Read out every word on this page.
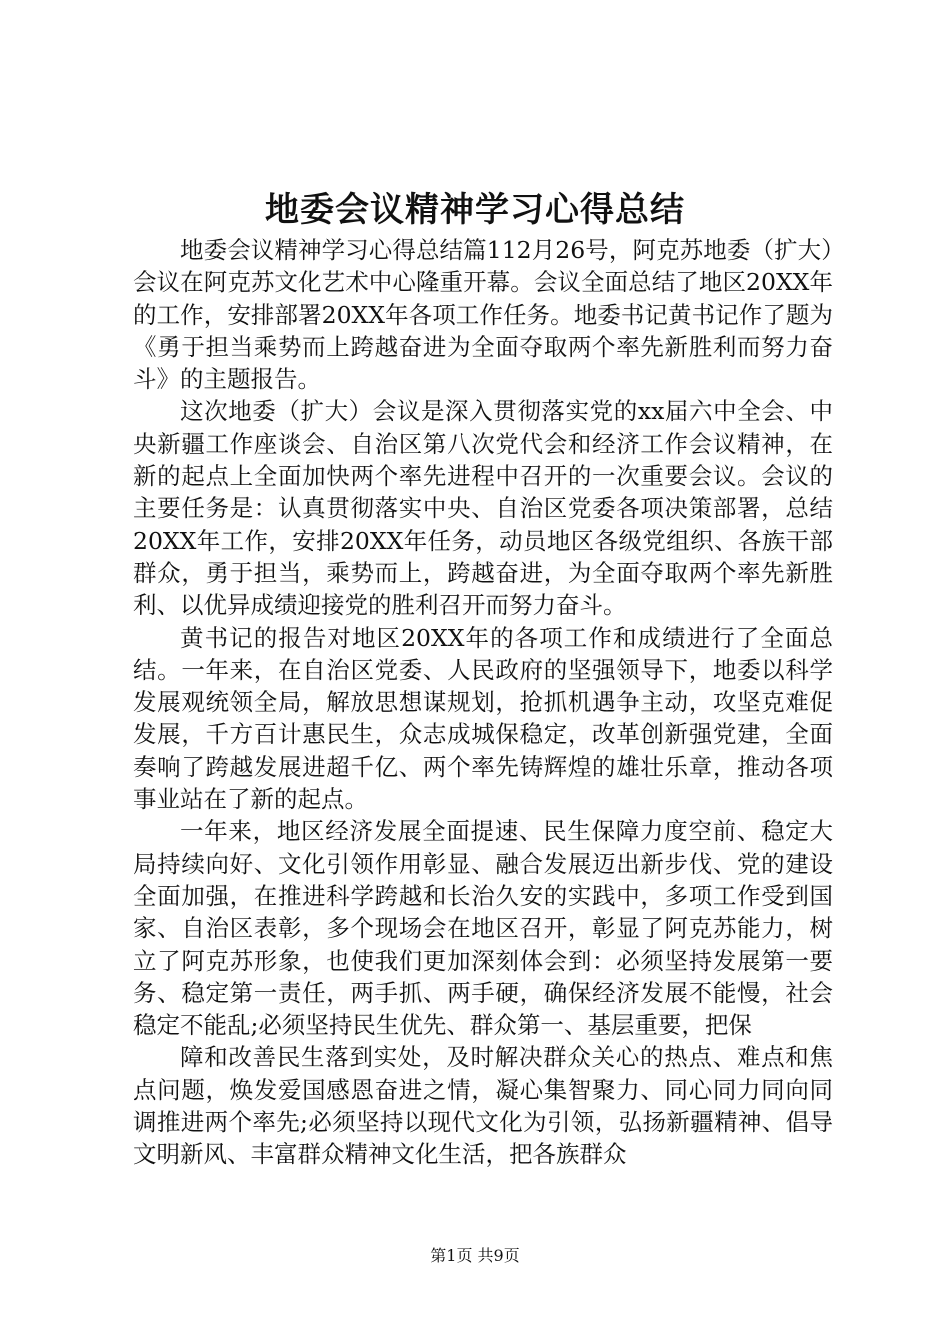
地委会议精神学习心得总结

地委会议精神学习心得总结篇112月26号，阿克苏地委（扩大）会议在阿克苏文化艺术中心隆重开幕。会议全面总结了地区20XX年的工作，安排部署20XX年各项工作任务。地委书记黄书记作了题为《勇于担当乘势而上跨越奋进为全面夺取两个率先新胜利而努力奋斗》的主题报告。

这次地委（扩大）会议是深入贯彻落实党的xx届六中全会、中央新疆工作座谈会、自治区第八次党代会和经济工作会议精神，在新的起点上全面加快两个率先进程中召开的一次重要会议。会议的主要任务是：认真贯彻落实中央、自治区党委各项决策部署，总结20XX年工作，安排20XX年任务，动员地区各级党组织、各族干部群众，勇于担当，乘势而上，跨越奋进，为全面夺取两个率先新胜利、以优异成绩迎接党的胜利召开而努力奋斗。

黄书记的报告对地区20XX年的各项工作和成绩进行了全面总结。一年来，在自治区党委、人民政府的坚强领导下，地委以科学发展观统领全局，解放思想谋规划，抢抓机遇争主动，攻坚克难促发展，千方百计惠民生，众志成城保稳定，改革创新强党建，全面奏响了跨越发展进超千亿、两个率先铸辉煌的雄壮乐章，推动各项事业站在了新的起点。

一年来，地区经济发展全面提速、民生保障力度空前、稳定大局持续向好、文化引领作用彰显、融合发展迈出新步伐、党的建设全面加强，在推进科学跨越和长治久安的实践中，多项工作受到国家、自治区表彰，多个现场会在地区召开，彰显了阿克苏能力，树立了阿克苏形象，也使我们更加深刻体会到：必须坚持发展第一要务、稳定第一责任，两手抓、两手硬，确保经济发展不能慢，社会稳定不能乱;必须坚持民生优先、群众第一、基层重要，把保

障和改善民生落到实处，及时解决群众关心的热点、难点和焦点问题，焕发爱国感恩奋进之情，凝心集智聚力、同心同力同向同调推进两个率先;必须坚持以现代文化为引领，弘扬新疆精神、倡导文明新风、丰富群众精神文化生活，把各族群众

第1页 共9页
